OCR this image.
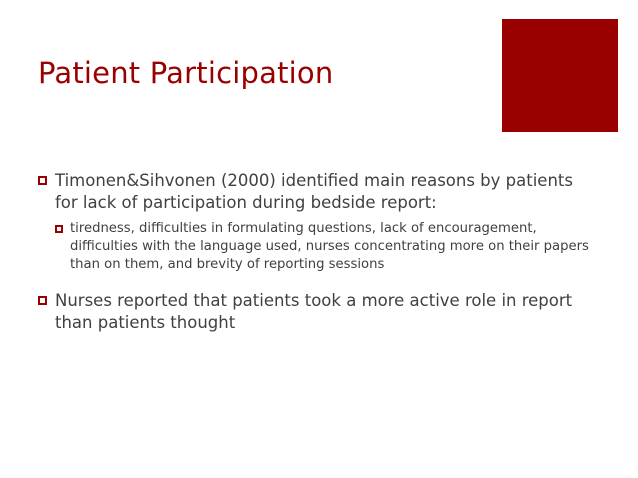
Patient Participation
Timonen&Sihvonen (2000) identified main reasons by patients for lack of participation during bedside report:
tiredness, difficulties in formulating questions, lack of encouragement, difficulties with the language used, nurses concentrating more on their papers than on them, and brevity of reporting sessions
Nurses reported that patients took a more active role in report than patients thought
